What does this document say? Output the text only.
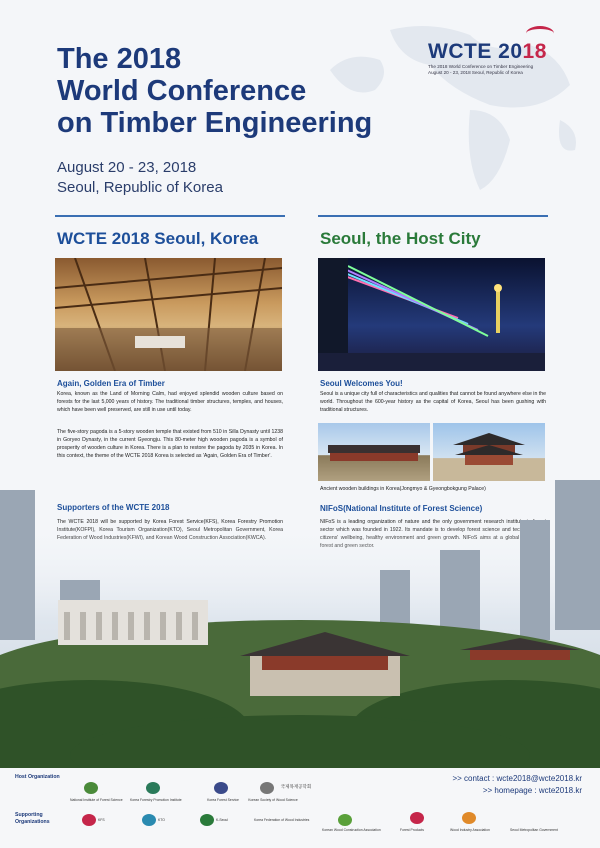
The 2018
World Conference
on Timber Engineering
August 20 - 23, 2018
Seoul, Republic of Korea
WCTE 2018
The 2018 World Conference on Timber Engineering
August 20 - 23, 2018 Seoul, Republic of Korea
WCTE 2018 Seoul, Korea
Again, Golden Era of Timber
Korea, known as the Land of Morning Calm, had enjoyed splendid wooden culture based on forests for the last 5,000 years of history. The traditional timber structures, temples, and houses, which have been well preserved, are still in use until today.
The five-story pagoda is a 5-story wooden temple that existed from 510 in Silla Dynasty until 1238 in Goryeo Dynasty, in the current Gyeongju. This 80-meter high wooden pagoda is a symbol of prosperity of wooden culture in Korea. There is a plan to restore the pagoda by 2035 in Korea. In this context, the theme of the WCTE 2018 Korea is selected as 'Again, Golden Era of Timber'.
Supporters of the WCTE 2018
Seoul, the Host City
Seoul Welcomes You!
Seoul is a unique city full of characteristics and qualities that cannot be found anywhere else in the world. Throughout the 600-year history as the capital of Korea, Seoul has been gushing with traditional structures.
Ancient wooden buildings in Korea(Jongmyo & Gyeongbokgung Palace)
NIFoS(National Institute of Forest Science)
Host Organization
Supporting
Organizations
National Institute of Forest Science Korea Forestry Promotion Institute	Korea Forest Service	Korean Society of Wood Science
국제목재공학회
>> contact : wcte2018@wcte2018.kr
>> homepage : wcte2018.kr
KFS	KTO	K-Seoul	Korea Federation of Wood Industries
Korean Wood Construction Association	Forest Products	Wood Industry Association	Seoul Metropolitan Government
